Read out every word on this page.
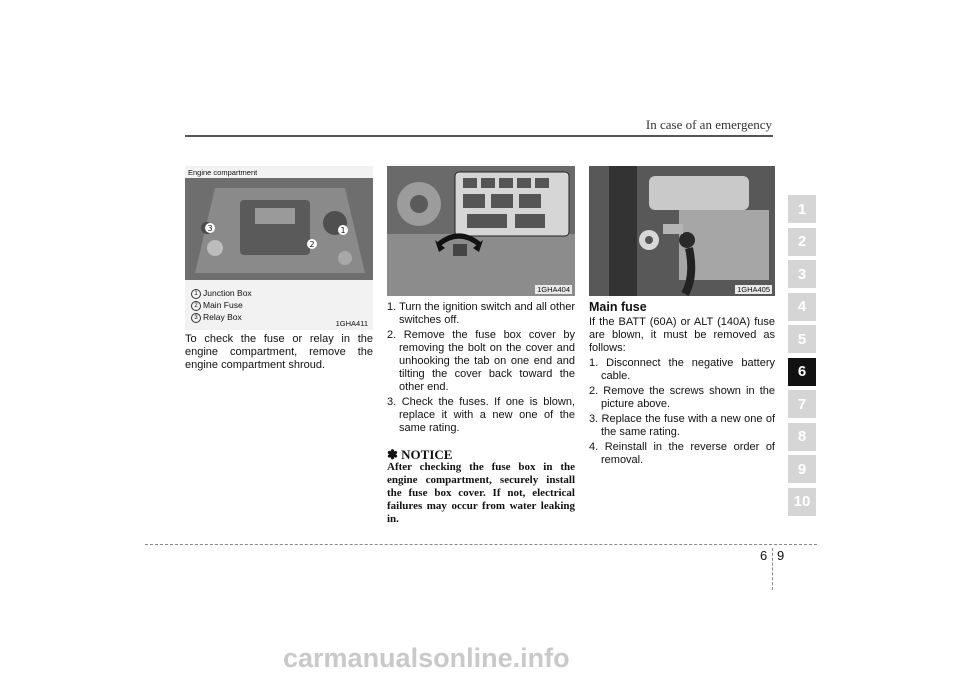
In case of an emergency
Engine compartment
1
2
3
1 Junction Box
2 Main Fuse
3 Relay Box
1GHA411
1GHA404	1GHA405
To check the fuse or relay in the engine compartment, remove the engine compartment shroud.
1. Turn the ignition switch and all other switches off.
2. Remove the fuse box cover by removing the bolt on the cover and unhooking the tab on one end and tilting the cover back toward the other end.
3. Check the fuses. If one is blown, replace it with a new one of the same rating.
✽ NOTICE
After checking the fuse box in the engine compartment, securely install the fuse box cover. If not, electrical failures may occur from water leaking in.
Main fuse
If the BATT (60A) or ALT (140A) fuse are blown, it must be removed as follows:
1. Disconnect the negative battery cable.
2. Remove the screws shown in the picture above.
3. Replace the fuse with a new one of the same rating.
4. Reinstall in the reverse order of removal.
1
2
3
4
5
6
7
8
9
10
6 9
carmanualsonline.info
